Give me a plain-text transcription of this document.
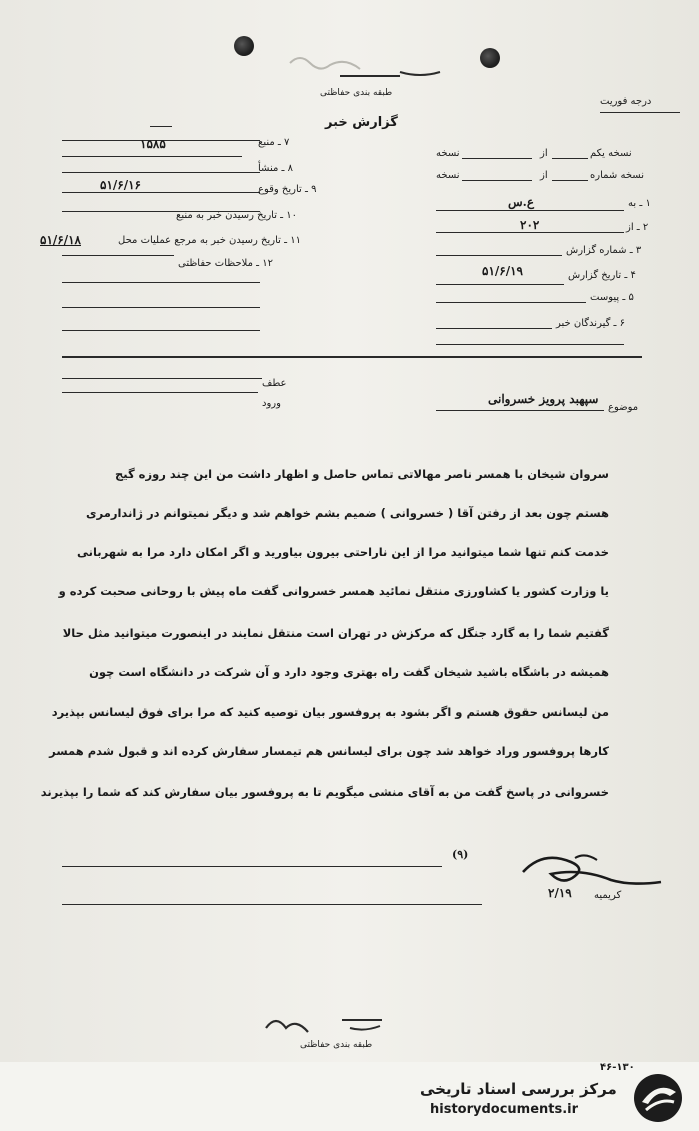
طبقه بندی حفاظتی
گزارش خبر
درجه فوریت
۱۵۸۵	۷ ـ منبع
۸ ـ منشأ
۵۱/۶/۱۶	۹ ـ تاریخ وقوع
۱۰ ـ تاریخ رسیدن خبر به منبع
۵۱/۶/۱۸	۱۱ ـ تاریخ رسیدن خبر به مرجع عملیات محل
۱۲ ـ ملاحظات حفاظتی
نسخه یکم
از
نسخه
نسخه شماره
از
نسخه
ع.س	۱ ـ به
۲۰۲	۲ ـ از
۳ ـ شماره گزارش
۵۱/۶/۱۹	۴ ـ تاریخ گزارش
۵ ـ پیوست
۶ ـ گیرندگان خبر
عطف
ورود	موضوع
سپهبد پرویز خسروانی
سروان شیخان با همسر ناصر مهالاتی تماس حاصل و اظهار داشت من این چند روزه گیج
هستم چون بعد از رفتن آقا ( خسروانی ) ضمیم بشم خواهم شد و دیگر نمیتوانم در ژاندارمری
خدمت کنم تنها شما میتوانید مرا از این ناراحتی بیرون بیاورید و اگر امکان دارد مرا به شهربانی
یا وزارت کشور یا کشاورزی منتقل نمائید همسر خسروانی گفت ماه پیش با روحانی صحبت کرده و
گفتیم شما را به گارد جنگل که مرکزش در تهران است منتقل نمایند در اینصورت میتوانید مثل حالا
همیشه در باشگاه باشید شیخان گفت راه بهتری وجود دارد و آن شرکت در دانشگاه است چون
من لیسانس حقوق هستم و اگر بشود به پروفسور بیان توصیه کنید که مرا برای فوق لیسانس بپذیرد
کارها پروفسور وراد خواهد شد چون برای لیسانس هم تیمسار سفارش کرده اند و قبول شدم همسر
خسروانی در پاسخ گفت من به آقای منشی میگویم تا به پروفسور بیان سفارش کند که شما را بپذیرند
(۹)
۲/۱۹ کریمیه
طبقه بندی حفاظتی
۴۶-۱۳۰
مرکز بررسی اسناد تاریخی
historydocuments.ir
